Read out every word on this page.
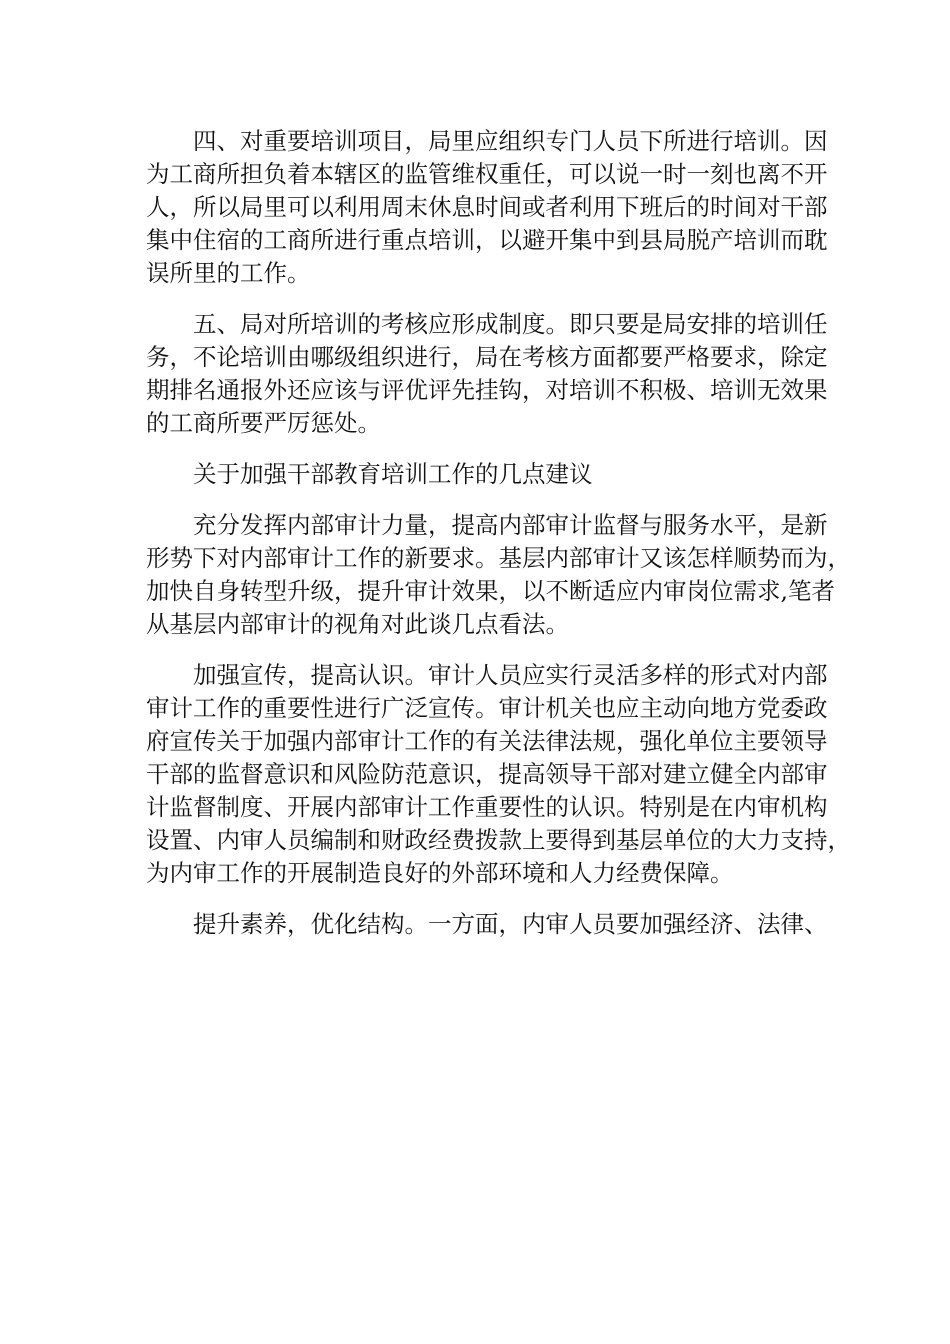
四、对重要培训项目，局里应组织专门人员下所进行培训。因
为工商所担负着本辖区的监管维权重任，可以说一时一刻也离不开
人，所以局里可以利用周末休息时间或者利用下班后的时间对干部
集中住宿的工商所进行重点培训，以避开集中到县局脱产培训而耽
误所里的工作。
五、局对所培训的考核应形成制度。即只要是局安排的培训任
务，不论培训由哪级组织进行，局在考核方面都要严格要求，除定
期排名通报外还应该与评优评先挂钩，对培训不积极、培训无效果
的工商所要严厉惩处。
关于加强干部教育培训工作的几点建议
充分发挥内部审计力量，提高内部审计监督与服务水平，是新
形势下对内部审计工作的新要求。基层内部审计又该怎样顺势而为，
加快自身转型升级，提升审计效果，以不断适应内审岗位需求,笔者
从基层内部审计的视角对此谈几点看法。
加强宣传，提高认识。审计人员应实行灵活多样的形式对内部
审计工作的重要性进行广泛宣传。审计机关也应主动向地方党委政
府宣传关于加强内部审计工作的有关法律法规，强化单位主要领导
干部的监督意识和风险防范意识，提高领导干部对建立健全内部审
计监督制度、开展内部审计工作重要性的认识。特别是在内审机构
设置、内审人员编制和财政经费拨款上要得到基层单位的大力支持，
为内审工作的开展制造良好的外部环境和人力经费保障。
提升素养，优化结构。一方面，内审人员要加强经济、法律、
